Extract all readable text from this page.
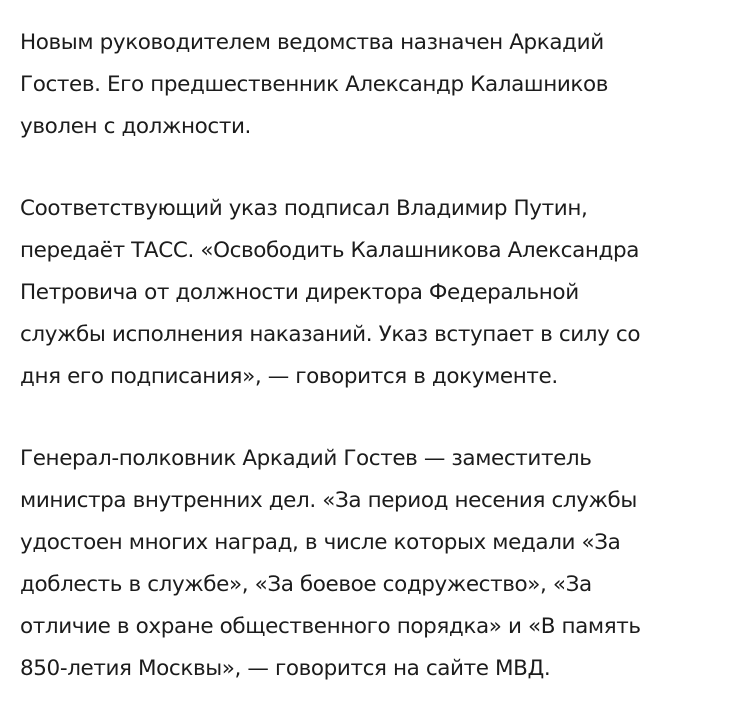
Новым руководителем ведомства назначен Аркадий
Гостев. Его предшественник Александр Калашников
уволен с должности.

Соответствующий указ подписал Владимир Путин,
передаёт ТАСС. «Освободить Калашникова Александра
Петровича от должности директора Федеральной
службы исполнения наказаний. Указ вступает в силу со
дня его подписания», — говорится в документе.

Генерал-полковник Аркадий Гостев — заместитель
министра внутренних дел. «За период несения службы
удостоен многих наград, в числе которых медали «За
доблесть в службе», «За боевое содружество», «За
отличие в охране общественного порядка» и «В память
850-летия Москвы», — говорится на сайте МВД.
